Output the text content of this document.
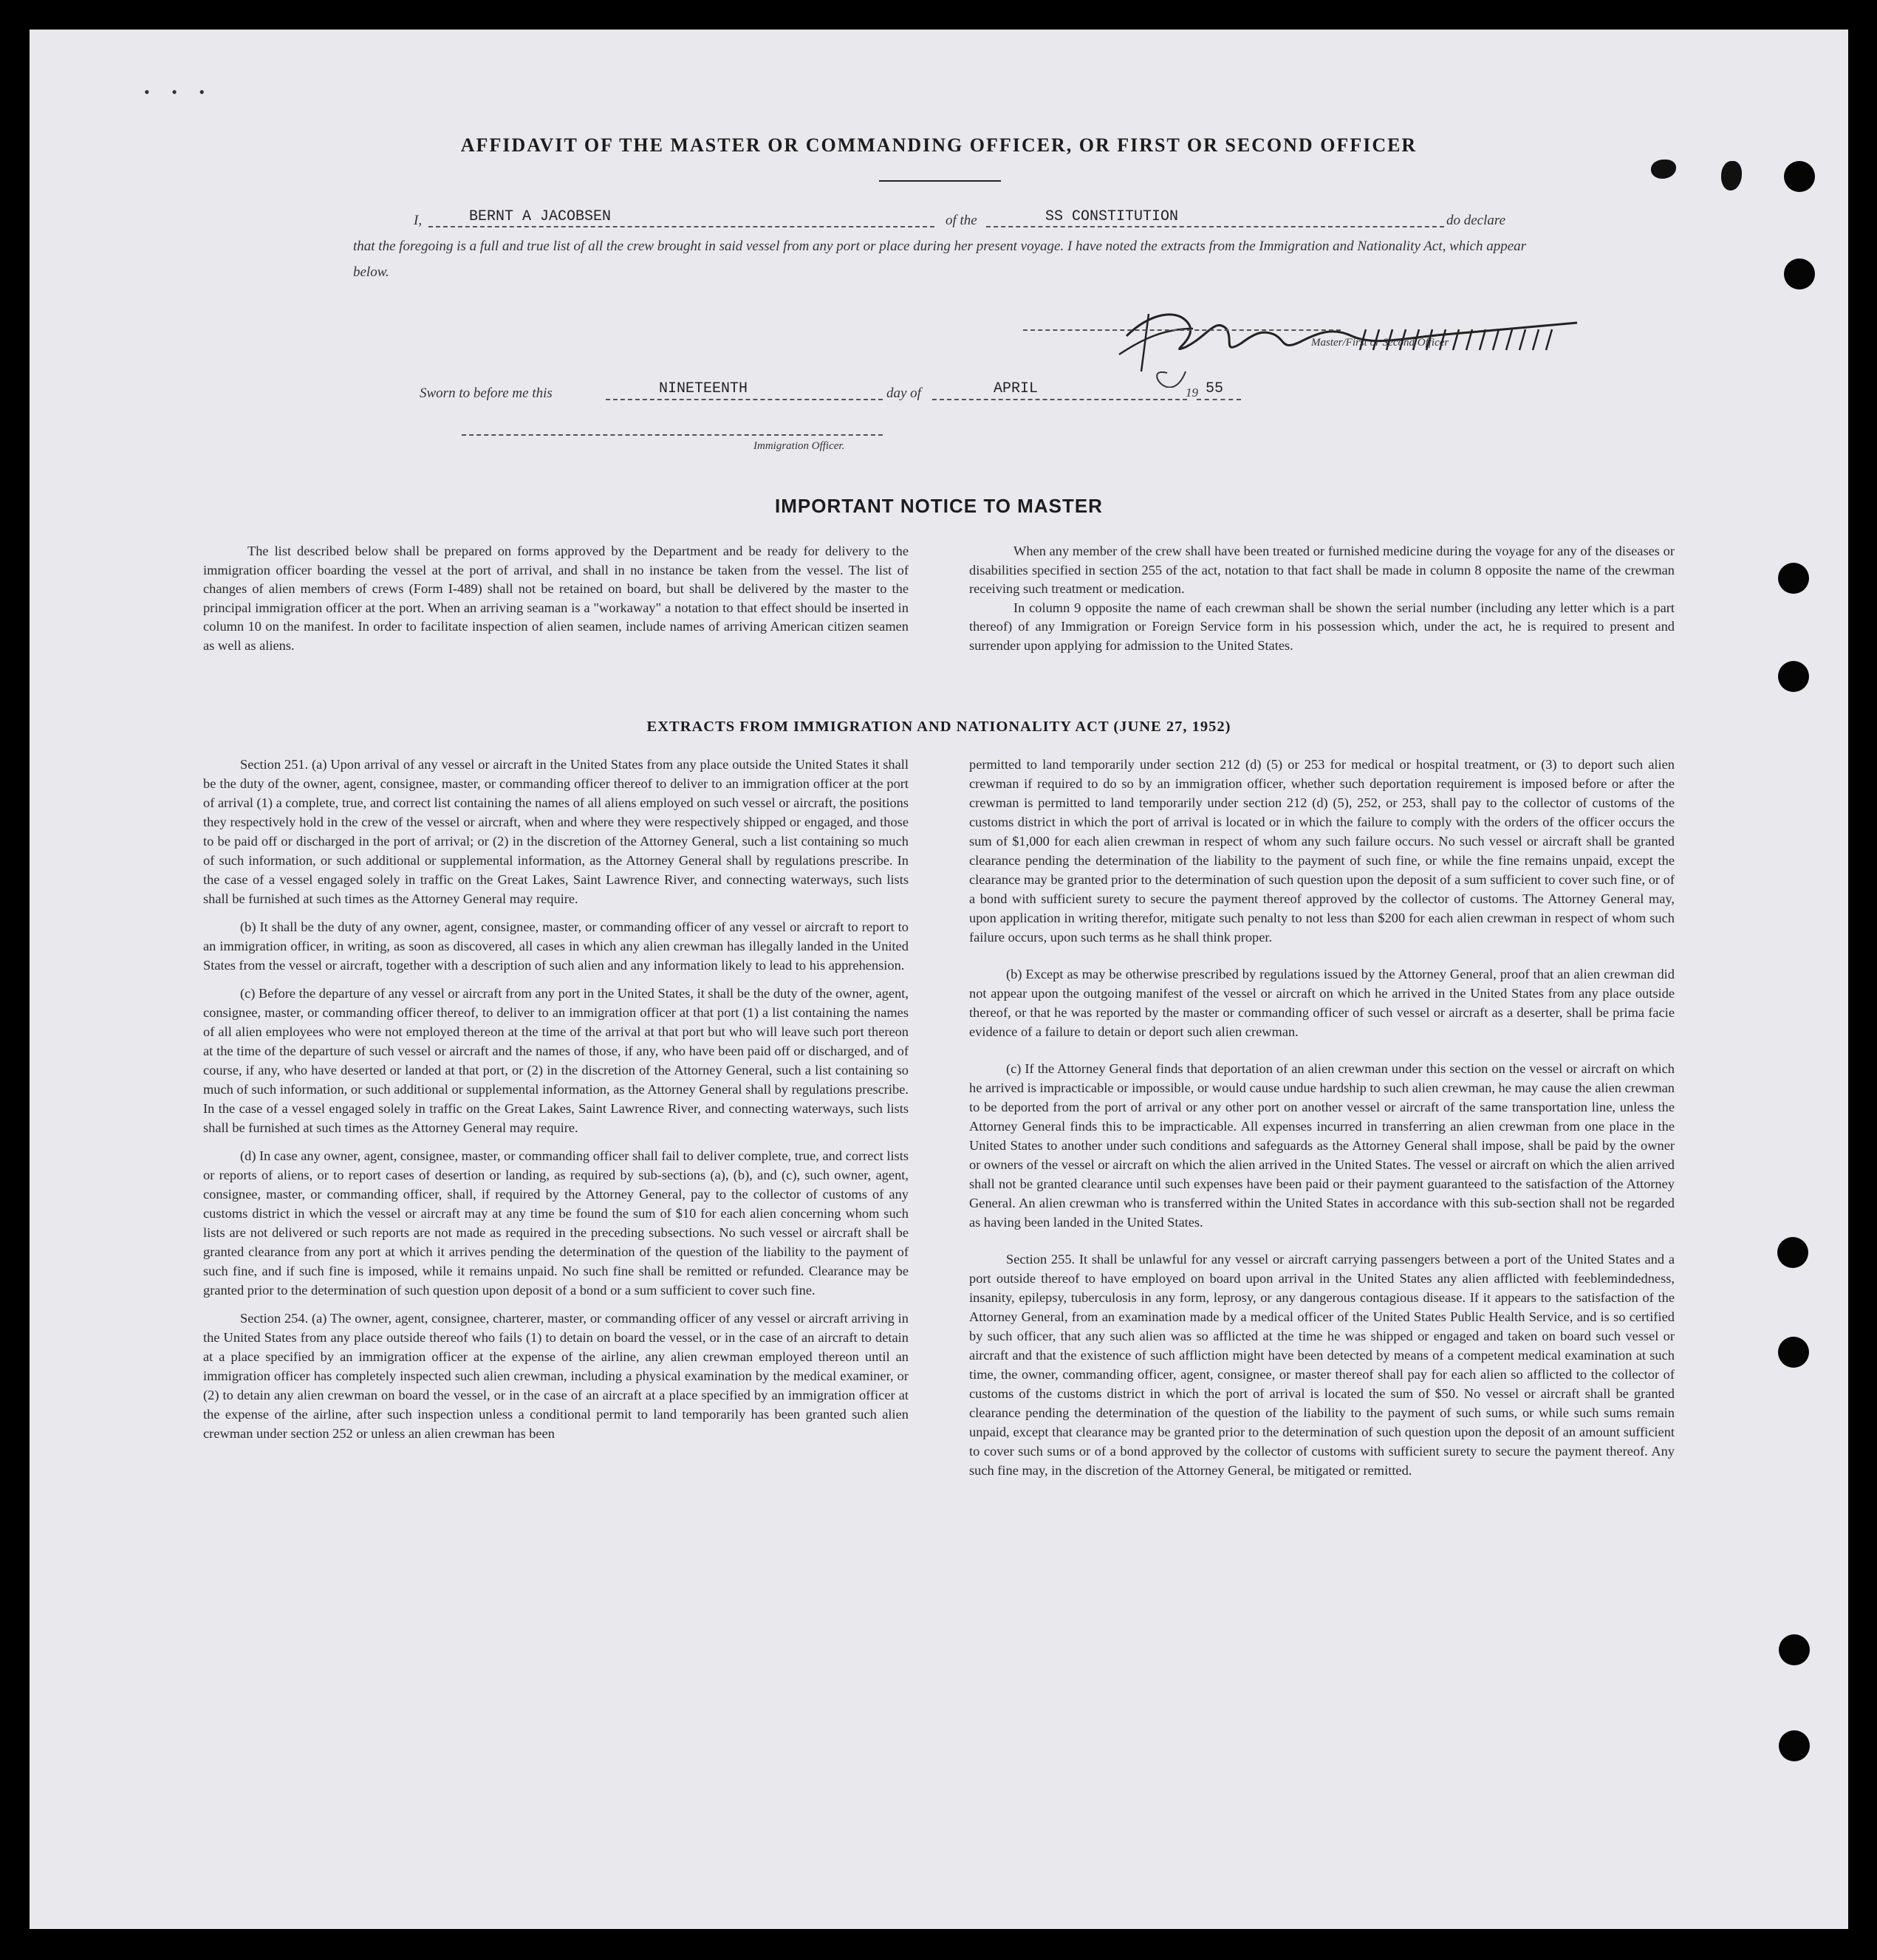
• • •
AFFIDAVIT OF THE MASTER OR COMMANDING OFFICER, OR FIRST OR SECOND OFFICER
I,	BERNT A JACOBSEN	of the	SS CONSTITUTION	do declare
that the foregoing is a full and true list of all the crew brought in said vessel from any port or place during her present voyage. I have noted the extracts from the Immigration and Nationality Act, which appear below.
Master/First or Second Officer
Sworn to before me this	NINETEENTH	day of	APRIL	19 55
Immigration Officer.
IMPORTANT NOTICE TO MASTER

The list described below shall be prepared on forms approved by the Department and be ready for delivery to the immigration officer boarding the vessel at the port of arrival, and shall in no instance be taken from the vessel. The list of changes of alien members of crews (Form I-489) shall not be retained on board, but shall be delivered by the master to the principal immigration officer at the port. When an arriving seaman is a "workaway" a notation to that effect should be inserted in column 10 on the manifest. In order to facilitate inspection of alien seamen, include names of arriving American citizen seamen as well as aliens.

When any member of the crew shall have been treated or furnished medicine during the voyage for any of the diseases or disabilities specified in section 255 of the act, notation to that fact shall be made in column 8 opposite the name of the crewman receiving such treatment or medication.

In column 9 opposite the name of each crewman shall be shown the serial number (including any letter which is a part thereof) of any Immigration or Foreign Service form in his possession which, under the act, he is required to present and surrender upon applying for admission to the United States.

EXTRACTS FROM IMMIGRATION AND NATIONALITY ACT (JUNE 27, 1952)

Section 251. (a) Upon arrival of any vessel or aircraft in the United States from any place outside the United States it shall be the duty of the owner, agent, consignee, master, or commanding officer thereof to deliver to an immigration officer at the port of arrival (1) a complete, true, and correct list containing the names of all aliens employed on such vessel or aircraft, the positions they respectively hold in the crew of the vessel or aircraft, when and where they were respectively shipped or engaged, and those to be paid off or discharged in the port of arrival; or (2) in the discretion of the Attorney General, such a list containing so much of such information, or such additional or supplemental information, as the Attorney General shall by regulations prescribe. In the case of a vessel engaged solely in traffic on the Great Lakes, Saint Lawrence River, and connecting waterways, such lists shall be furnished at such times as the Attorney General may require.

(b) It shall be the duty of any owner, agent, consignee, master, or commanding officer of any vessel or aircraft to report to an immigration officer, in writing, as soon as discovered, all cases in which any alien crewman has illegally landed in the United States from the vessel or aircraft, together with a description of such alien and any information likely to lead to his apprehension.

(c) Before the departure of any vessel or aircraft from any port in the United States, it shall be the duty of the owner, agent, consignee, master, or commanding officer thereof, to deliver to an immigration officer at that port (1) a list containing the names of all alien employees who were not employed thereon at the time of the arrival at that port but who will leave such port thereon at the time of the departure of such vessel or aircraft and the names of those, if any, who have been paid off or discharged, and of course, if any, who have deserted or landed at that port, or (2) in the discretion of the Attorney General, such a list containing so much of such information, or such additional or supplemental information, as the Attorney General shall by regulations prescribe. In the case of a vessel engaged solely in traffic on the Great Lakes, Saint Lawrence River, and connecting waterways, such lists shall be furnished at such times as the Attorney General may require.

(d) In case any owner, agent, consignee, master, or commanding officer shall fail to deliver complete, true, and correct lists or reports of aliens, or to report cases of desertion or landing, as required by sub-sections (a), (b), and (c), such owner, agent, consignee, master, or commanding officer, shall, if required by the Attorney General, pay to the collector of customs of any customs district in which the vessel or aircraft may at any time be found the sum of $10 for each alien concerning whom such lists are not delivered or such reports are not made as required in the preceding subsections. No such vessel or aircraft shall be granted clearance from any port at which it arrives pending the determination of the question of the liability to the payment of such fine, and if such fine is imposed, while it remains unpaid. No such fine shall be remitted or refunded. Clearance may be granted prior to the determination of such question upon deposit of a bond or a sum sufficient to cover such fine.

Section 254. (a) The owner, agent, consignee, charterer, master, or commanding officer of any vessel or aircraft arriving in the United States from any place outside thereof who fails (1) to detain on board the vessel, or in the case of an aircraft to detain at a place specified by an immigration officer at the expense of the airline, any alien crewman employed thereon until an immigration officer has completely inspected such alien crewman, including a physical examination by the medical examiner, or (2) to detain any alien crewman on board the vessel, or in the case of an aircraft at a place specified by an immigration officer at the expense of the airline, after such inspection unless a conditional permit to land temporarily has been granted such alien crewman under section 252 or unless an alien crewman has been

permitted to land temporarily under section 212 (d) (5) or 253 for medical or hospital treatment, or (3) to deport such alien crewman if required to do so by an immigration officer, whether such deportation requirement is imposed before or after the crewman is permitted to land temporarily under section 212 (d) (5), 252, or 253, shall pay to the collector of customs of the customs district in which the port of arrival is located or in which the failure to comply with the orders of the officer occurs the sum of $1,000 for each alien crewman in respect of whom any such failure occurs. No such vessel or aircraft shall be granted clearance pending the determination of the liability to the payment of such fine, or while the fine remains unpaid, except the clearance may be granted prior to the determination of such question upon the deposit of a sum sufficient to cover such fine, or of a bond with sufficient surety to secure the payment thereof approved by the collector of customs. The Attorney General may, upon application in writing therefor, mitigate such penalty to not less than $200 for each alien crewman in respect of whom such failure occurs, upon such terms as he shall think proper.

(b) Except as may be otherwise prescribed by regulations issued by the Attorney General, proof that an alien crewman did not appear upon the outgoing manifest of the vessel or aircraft on which he arrived in the United States from any place outside thereof, or that he was reported by the master or commanding officer of such vessel or aircraft as a deserter, shall be prima facie evidence of a failure to detain or deport such alien crewman.

(c) If the Attorney General finds that deportation of an alien crewman under this section on the vessel or aircraft on which he arrived is impracticable or impossible, or would cause undue hardship to such alien crewman, he may cause the alien crewman to be deported from the port of arrival or any other port on another vessel or aircraft of the same transportation line, unless the Attorney General finds this to be impracticable. All expenses incurred in transferring an alien crewman from one place in the United States to another under such conditions and safeguards as the Attorney General shall impose, shall be paid by the owner or owners of the vessel or aircraft on which the alien arrived in the United States. The vessel or aircraft on which the alien arrived shall not be granted clearance until such expenses have been paid or their payment guaranteed to the satisfaction of the Attorney General. An alien crewman who is transferred within the United States in accordance with this sub-section shall not be regarded as having been landed in the United States.

Section 255. It shall be unlawful for any vessel or aircraft carrying passengers between a port of the United States and a port outside thereof to have employed on board upon arrival in the United States any alien afflicted with feeblemindedness, insanity, epilepsy, tuberculosis in any form, leprosy, or any dangerous contagious disease. If it appears to the satisfaction of the Attorney General, from an examination made by a medical officer of the United States Public Health Service, and is so certified by such officer, that any such alien was so afflicted at the time he was shipped or engaged and taken on board such vessel or aircraft and that the existence of such affliction might have been detected by means of a competent medical examination at such time, the owner, commanding officer, agent, consignee, or master thereof shall pay for each alien so afflicted to the collector of customs of the customs district in which the port of arrival is located the sum of $50. No vessel or aircraft shall be granted clearance pending the determination of the question of the liability to the payment of such sums, or while such sums remain unpaid, except that clearance may be granted prior to the determination of such question upon the deposit of an amount sufficient to cover such sums or of a bond approved by the collector of customs with sufficient surety to secure the payment thereof. Any such fine may, in the discretion of the Attorney General, be mitigated or remitted.
